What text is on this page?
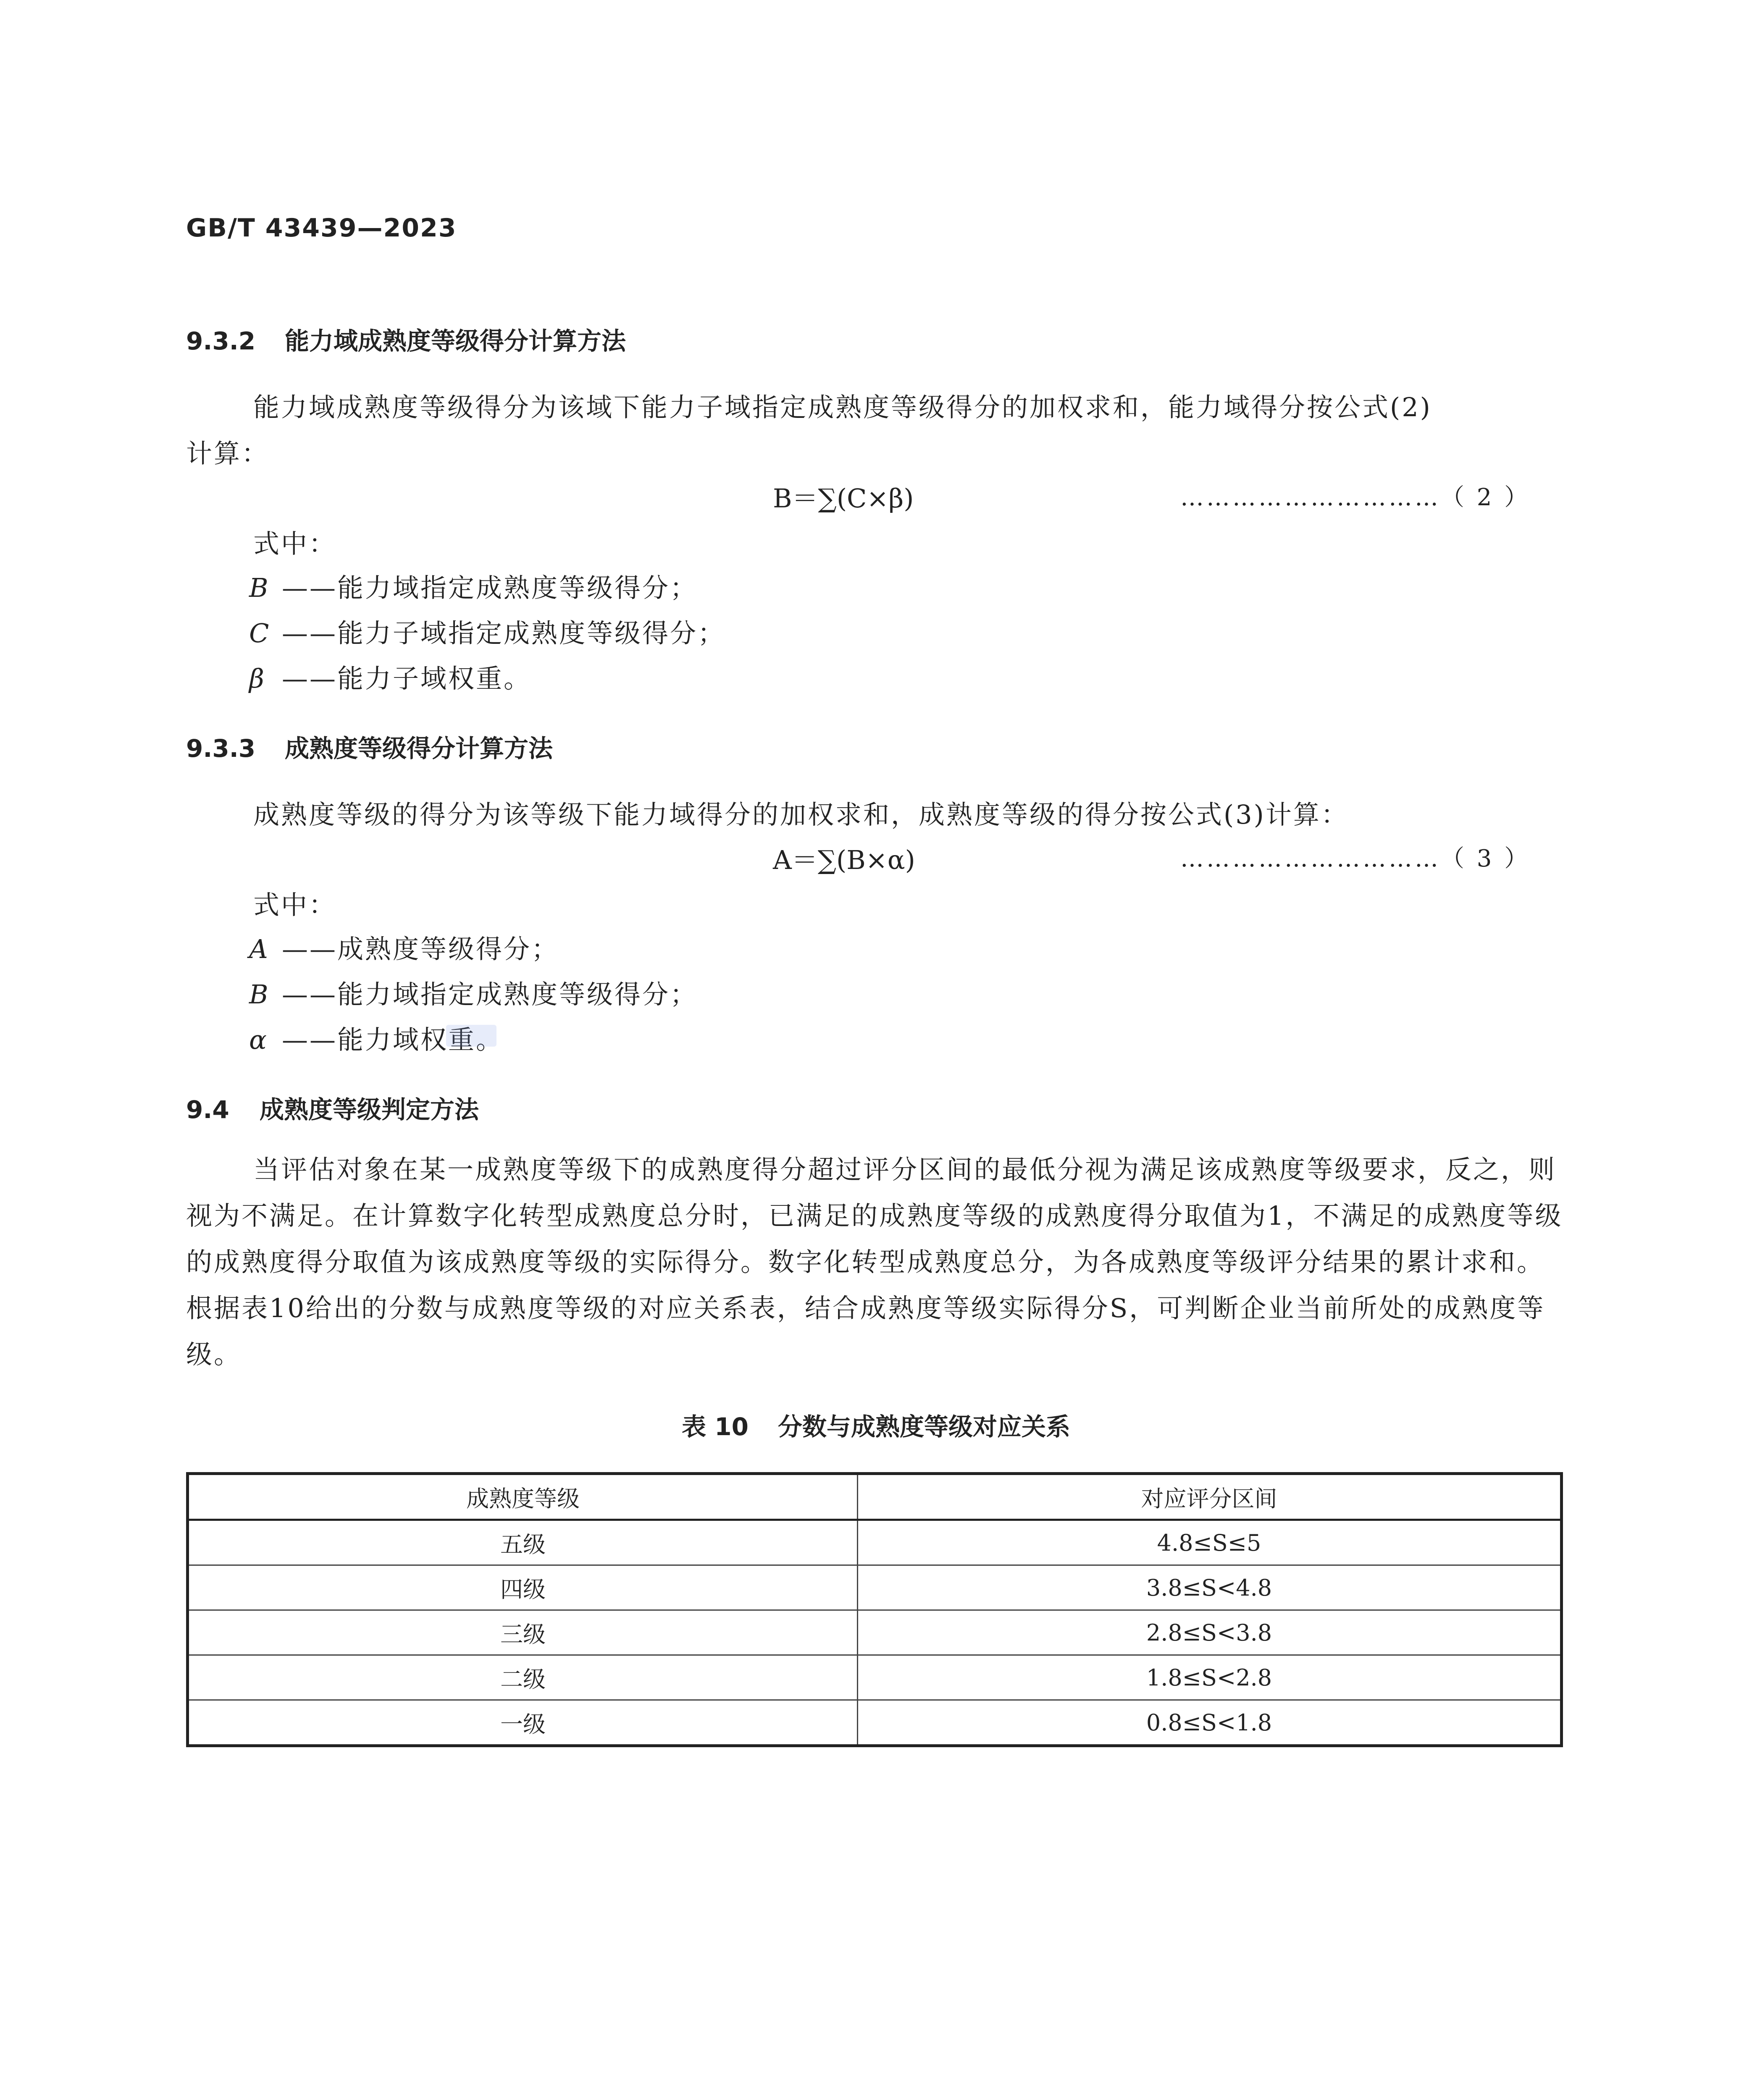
GB/T 43439—2023
9.3.2 能力域成熟度等级得分计算方法
能力域成熟度等级得分为该域下能力子域指定成熟度等级得分的加权求和，能力域得分按公式(2)
计算：
B＝∑(C×β)	…………………………（ 2 ）
式中：
B ——能力域指定成熟度等级得分；
C ——能力子域指定成熟度等级得分；
β ——能力子域权重。
9.3.3 成熟度等级得分计算方法
成熟度等级的得分为该等级下能力域得分的加权求和，成熟度等级的得分按公式(3)计算：
A＝∑(B×α)	…………………………（ 3 ）
式中：
A ——成熟度等级得分；
B ——能力域指定成熟度等级得分；
α ——能力域权重。
9.4 成熟度等级判定方法
当评估对象在某一成熟度等级下的成熟度得分超过评分区间的最低分视为满足该成熟度等级要求，反之，则视为不满足。在计算数字化转型成熟度总分时，已满足的成熟度等级的成熟度得分取值为1，不满足的成熟度等级的成熟度得分取值为该成熟度等级的实际得分。数字化转型成熟度总分，为各成熟度等级评分结果的累计求和。根据表10给出的分数与成熟度等级的对应关系表，结合成熟度等级实际得分S，可判断企业当前所处的成熟度等级。
表 10 分数与成熟度等级对应关系
成熟度等级	对应评分区间
五级	4.8≤S≤5
四级	3.8≤S<4.8
三级	2.8≤S<3.8
二级	1.8≤S<2.8
一级	0.8≤S<1.8
